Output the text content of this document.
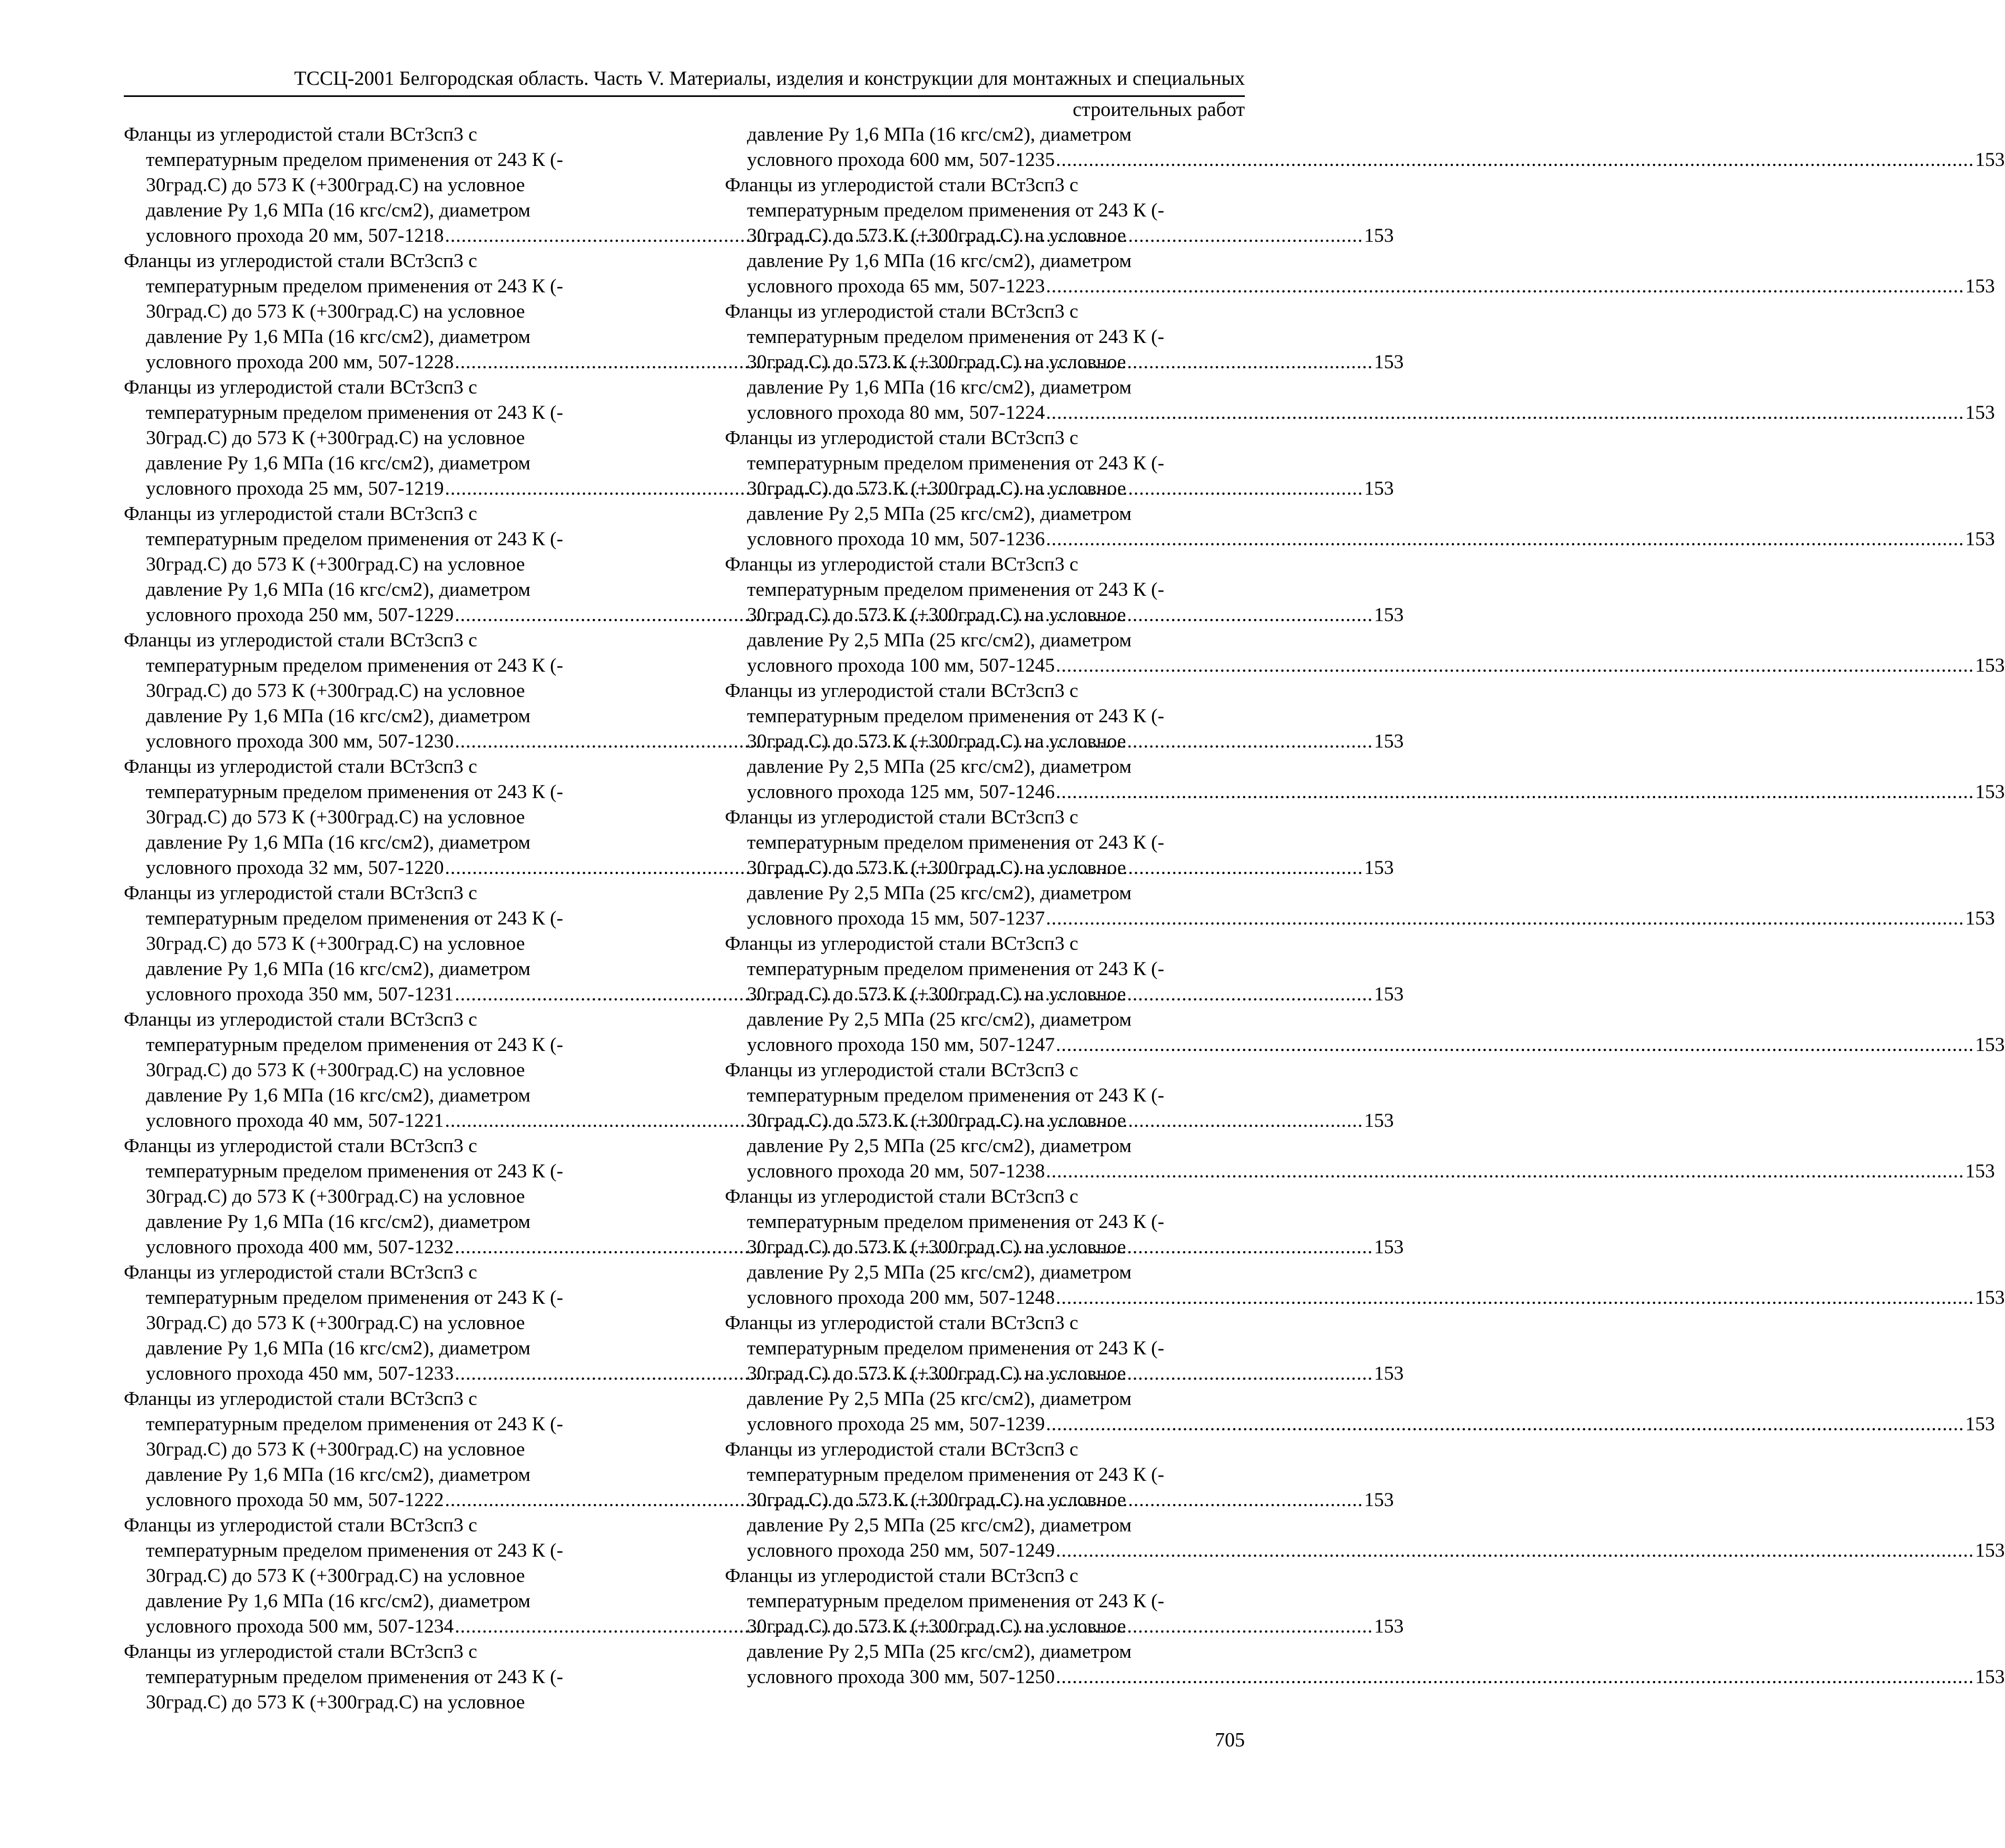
ТССЦ-2001 Белгородская область. Часть V. Материалы, изделия и конструкции для монтажных и специальных
строительных работ
Фланцы из углеродистой стали ВСт3сп3 с
температурным пределом применения от 243 К (-
30град.С) до 573 К (+300град.С) на условное
давление Ру 1,6 МПа (16 кгс/см2), диаметром
условного прохода 20 мм, 507-1218 .....	153
Фланцы из углеродистой стали ВСт3сп3 с
температурным пределом применения от 243 К (-
30град.С) до 573 К (+300град.С) на условное
давление Ру 1,6 МПа (16 кгс/см2), диаметром
условного прохода 200 мм, 507-1228 .....	153
Фланцы из углеродистой стали ВСт3сп3 с
температурным пределом применения от 243 К (-
30град.С) до 573 К (+300град.С) на условное
давление Ру 1,6 МПа (16 кгс/см2), диаметром
условного прохода 25 мм, 507-1219 .....	153
Фланцы из углеродистой стали ВСт3сп3 с
температурным пределом применения от 243 К (-
30град.С) до 573 К (+300град.С) на условное
давление Ру 1,6 МПа (16 кгс/см2), диаметром
условного прохода 250 мм, 507-1229 .....	153
Фланцы из углеродистой стали ВСт3сп3 с
температурным пределом применения от 243 К (-
30град.С) до 573 К (+300град.С) на условное
давление Ру 1,6 МПа (16 кгс/см2), диаметром
условного прохода 300 мм, 507-1230 .....	153
Фланцы из углеродистой стали ВСт3сп3 с
температурным пределом применения от 243 К (-
30град.С) до 573 К (+300град.С) на условное
давление Ру 1,6 МПа (16 кгс/см2), диаметром
условного прохода 32 мм, 507-1220 .....	153
Фланцы из углеродистой стали ВСт3сп3 с
температурным пределом применения от 243 К (-
30град.С) до 573 К (+300град.С) на условное
давление Ру 1,6 МПа (16 кгс/см2), диаметром
условного прохода 350 мм, 507-1231 .....	153
Фланцы из углеродистой стали ВСт3сп3 с
температурным пределом применения от 243 К (-
30град.С) до 573 К (+300град.С) на условное
давление Ру 1,6 МПа (16 кгс/см2), диаметром
условного прохода 40 мм, 507-1221 .....	153
Фланцы из углеродистой стали ВСт3сп3 с
температурным пределом применения от 243 К (-
30град.С) до 573 К (+300град.С) на условное
давление Ру 1,6 МПа (16 кгс/см2), диаметром
условного прохода 400 мм, 507-1232 .....	153
Фланцы из углеродистой стали ВСт3сп3 с
температурным пределом применения от 243 К (-
30град.С) до 573 К (+300град.С) на условное
давление Ру 1,6 МПа (16 кгс/см2), диаметром
условного прохода 450 мм, 507-1233 .....	153
Фланцы из углеродистой стали ВСт3сп3 с
температурным пределом применения от 243 К (-
30град.С) до 573 К (+300град.С) на условное
давление Ру 1,6 МПа (16 кгс/см2), диаметром
условного прохода 50 мм, 507-1222 .....	153
Фланцы из углеродистой стали ВСт3сп3 с
температурным пределом применения от 243 К (-
30град.С) до 573 К (+300град.С) на условное
давление Ру 1,6 МПа (16 кгс/см2), диаметром
условного прохода 500 мм, 507-1234 .....	153
Фланцы из углеродистой стали ВСт3сп3 с
температурным пределом применения от 243 К (-
30град.С) до 573 К (+300град.С) на условное
давление Ру 1,6 МПа (16 кгс/см2), диаметром
условного прохода 600 мм, 507-1235 .....	153
Фланцы из углеродистой стали ВСт3сп3 с
температурным пределом применения от 243 К (-
30град.С) до 573 К (+300град.С) на условное
давление Ру 1,6 МПа (16 кгс/см2), диаметром
условного прохода 65 мм, 507-1223 .....	153
Фланцы из углеродистой стали ВСт3сп3 с
температурным пределом применения от 243 К (-
30град.С) до 573 К (+300град.С) на условное
давление Ру 1,6 МПа (16 кгс/см2), диаметром
условного прохода 80 мм, 507-1224 .....	153
Фланцы из углеродистой стали ВСт3сп3 с
температурным пределом применения от 243 К (-
30град.С) до 573 К (+300град.С) на условное
давление Ру 2,5 МПа (25 кгс/см2), диаметром
условного прохода 10 мм, 507-1236 .....	153
Фланцы из углеродистой стали ВСт3сп3 с
температурным пределом применения от 243 К (-
30град.С) до 573 К (+300град.С) на условное
давление Ру 2,5 МПа (25 кгс/см2), диаметром
условного прохода 100 мм, 507-1245 .....	153
Фланцы из углеродистой стали ВСт3сп3 с
температурным пределом применения от 243 К (-
30град.С) до 573 К (+300град.С) на условное
давление Ру 2,5 МПа (25 кгс/см2), диаметром
условного прохода 125 мм, 507-1246 .....	153
Фланцы из углеродистой стали ВСт3сп3 с
температурным пределом применения от 243 К (-
30град.С) до 573 К (+300град.С) на условное
давление Ру 2,5 МПа (25 кгс/см2), диаметром
условного прохода 15 мм, 507-1237 .....	153
Фланцы из углеродистой стали ВСт3сп3 с
температурным пределом применения от 243 К (-
30град.С) до 573 К (+300град.С) на условное
давление Ру 2,5 МПа (25 кгс/см2), диаметром
условного прохода 150 мм, 507-1247 .....	153
Фланцы из углеродистой стали ВСт3сп3 с
температурным пределом применения от 243 К (-
30град.С) до 573 К (+300град.С) на условное
давление Ру 2,5 МПа (25 кгс/см2), диаметром
условного прохода 20 мм, 507-1238 .....	153
Фланцы из углеродистой стали ВСт3сп3 с
температурным пределом применения от 243 К (-
30град.С) до 573 К (+300град.С) на условное
давление Ру 2,5 МПа (25 кгс/см2), диаметром
условного прохода 200 мм, 507-1248 .....	153
Фланцы из углеродистой стали ВСт3сп3 с
температурным пределом применения от 243 К (-
30град.С) до 573 К (+300град.С) на условное
давление Ру 2,5 МПа (25 кгс/см2), диаметром
условного прохода 25 мм, 507-1239 .....	153
Фланцы из углеродистой стали ВСт3сп3 с
температурным пределом применения от 243 К (-
30град.С) до 573 К (+300град.С) на условное
давление Ру 2,5 МПа (25 кгс/см2), диаметром
условного прохода 250 мм, 507-1249 .....	153
Фланцы из углеродистой стали ВСт3сп3 с
температурным пределом применения от 243 К (-
30град.С) до 573 К (+300град.С) на условное
давление Ру 2,5 МПа (25 кгс/см2), диаметром
условного прохода 300 мм, 507-1250 .....	153
705
